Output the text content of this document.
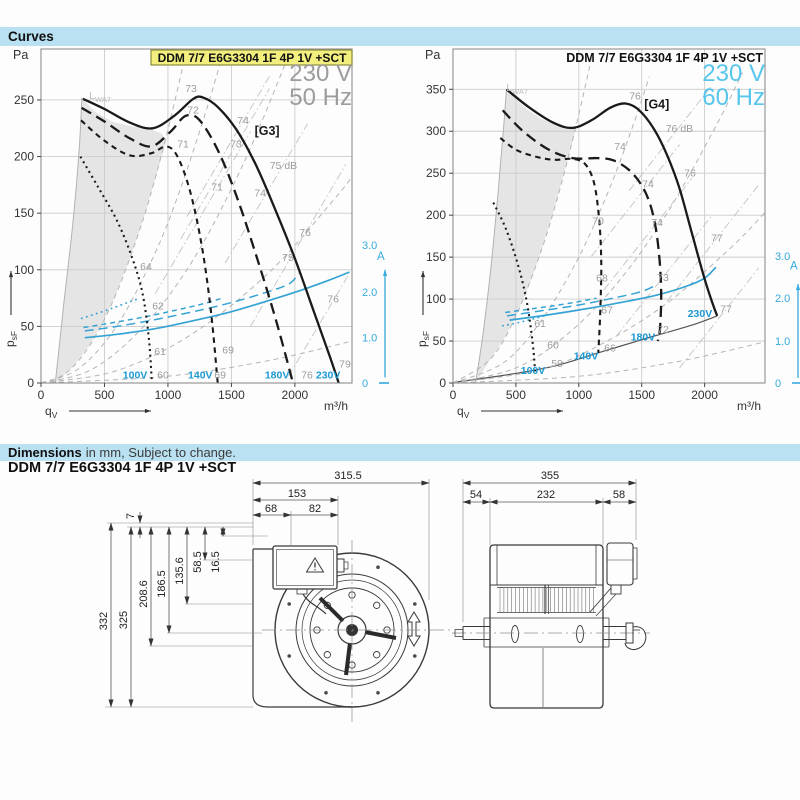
Curves
0
50
100
150
200
250
0	500	1000	1500	2000
$L_{WA7}$
73
72
71
[G3]
74
73
75 dB
71	74
76
75
76
64
62
61
60
69
69	76
79
100V	140V	180V	230V
Pa	DDM 7/7 E6G3304 1F 4P 1V +SCT
230 V
50 Hz
0
1.0
2.0
3.0
A
$q_V$
m³/h
$p_{sF}$
0
50
100
150
200
250
300
350
0	500	1000	1500	2000
$L_{WA7}$	76
[G4]
76 dB
74
74
74
76
70
68
67
66
61
60
59
73
72
77
77
100V
140V
180V
230V
Pa	DDM 7/7 E6G3304 1F 4P 1V +SCT
230 V
60 Hz
0
1.0
2.0
3.0
A
$q_V$
m³/h
$p_{sF}$
Dimensions in mm, Subject to change.
DDM 7/7 E6G3304 1F 4P 1V +SCT	315.5
153
68	82
7
58.5 16.5
135.6
186.5
208.6
332 325
355
54	232	58
